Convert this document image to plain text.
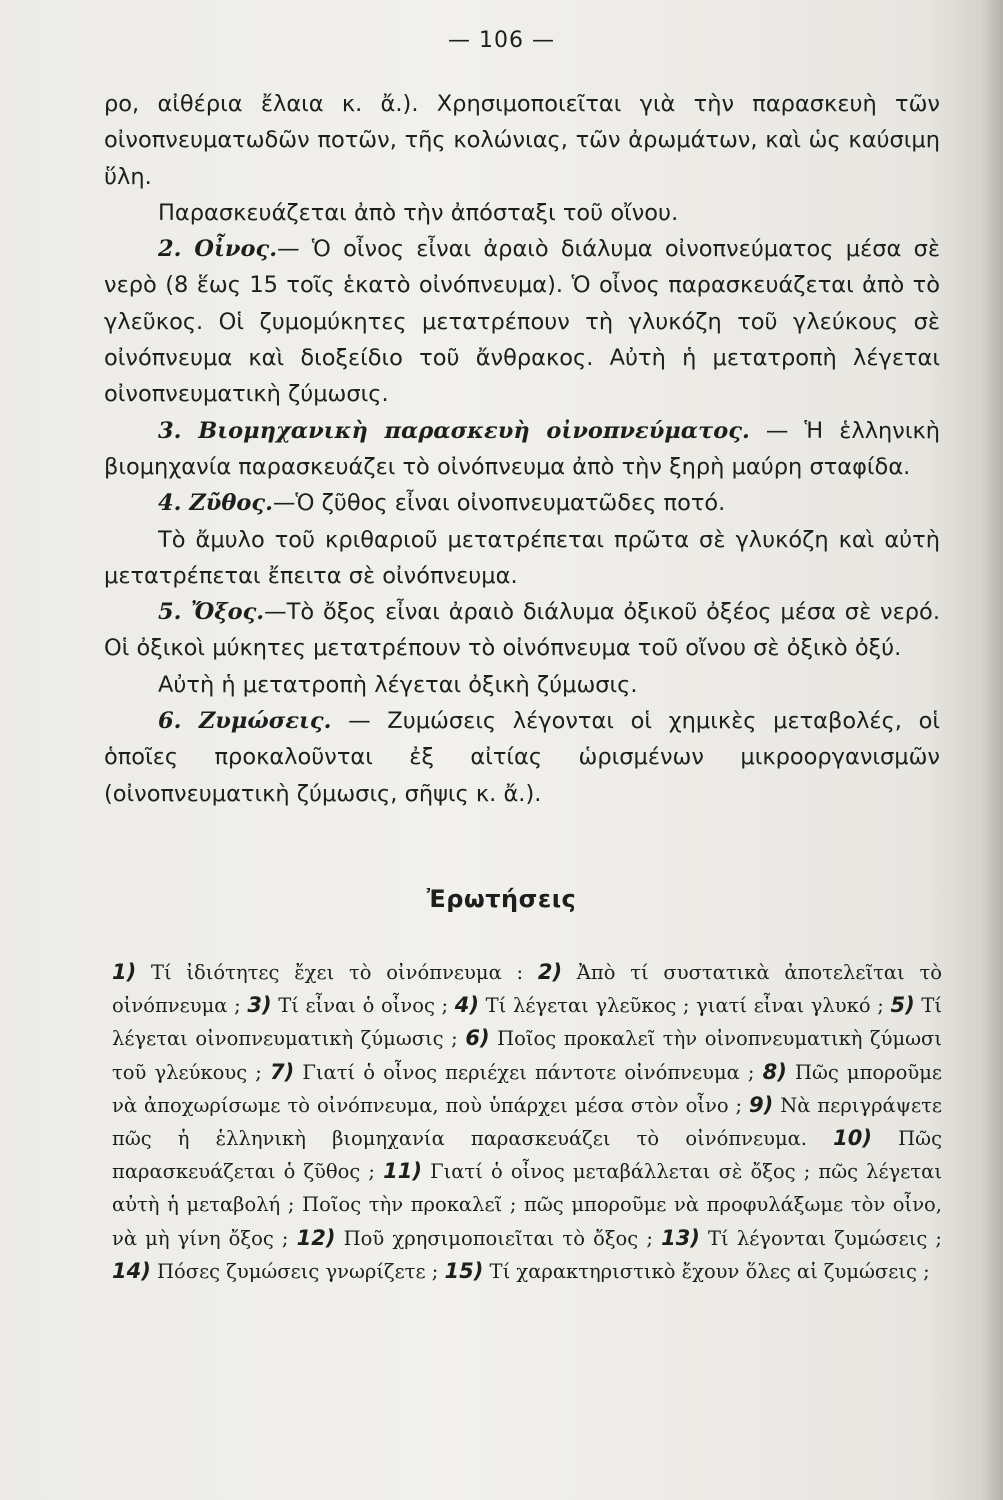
— 106 —

ρο, αἰθέρια ἔλαια κ. ἄ.). Χρησιμοποιεῖται γιὰ τὴν παρασκευὴ τῶν οἰνοπνευματωδῶν ποτῶν, τῆς κολώνιας, τῶν ἀρωμάτων, καὶ ὡς καύσιμη ὕλη.

Παρασκευάζεται ἀπὸ τὴν ἀπόσταξι τοῦ οἴνου.

2. Οἶνος.— Ὁ οἶνος εἶναι ἀραιὸ διάλυμα οἰνοπνεύματος μέσα σὲ νερὸ (8 ἕως 15 τοῖς ἑκατὸ οἰνόπνευμα). Ὁ οἶνος παρασκευάζεται ἀπὸ τὸ γλεῦκος. Οἱ ζυμομύκητες μετατρέπουν τὴ γλυκόζη τοῦ γλεύκους σὲ οἰνόπνευμα καὶ διοξείδιο τοῦ ἄνθρακος. Αὐτὴ ἡ μετατροπὴ λέγεται οἰνοπνευματικὴ ζύμωσις.

3. Βιομηχανικὴ παρασκευὴ οἰνοπνεύματος. — Ἡ ἑλληνικὴ βιομηχανία παρασκευάζει τὸ οἰνόπνευμα ἀπὸ τὴν ξηρὴ μαύρη σταφίδα.

4. Ζῦθος.—Ὁ ζῦθος εἶναι οἰνοπνευματῶδες ποτό.

Τὸ ἄμυλο τοῦ κριθαριοῦ μετατρέπεται πρῶτα σὲ γλυκόζη καὶ αὐτὴ μετατρέπεται ἔπειτα σὲ οἰνόπνευμα.

5. Ὄξος.—Τὸ ὄξος εἶναι ἀραιὸ διάλυμα ὀξικοῦ ὀξέος μέσα σὲ νερό. Οἱ ὀξικοὶ μύκητες μετατρέπουν τὸ οἰνόπνευμα τοῦ οἴνου σὲ ὀξικὸ ὀξύ.

Αὐτὴ ἡ μετατροπὴ λέγεται ὀξικὴ ζύμωσις.

6. Ζυμώσεις. — Ζυμώσεις λέγονται οἱ χημικὲς μεταβολές, οἱ ὁποῖες προκαλοῦνται ἐξ αἰτίας ὡρισμένων μικροοργανισμῶν (οἰνοπνευματικὴ ζύμωσις, σῆψις κ. ἄ.).

Ἐρωτήσεις

1) Τί ἰδιότητες ἔχει τὸ οἰνόπνευμα : 2) Ἀπὸ τί συστατικὰ ἀποτελεῖται τὸ οἰνόπνευμα ; 3) Τί εἶναι ὁ οἶνος ; 4) Τί λέγεται γλεῦκος ; γιατί εἶναι γλυκό ; 5) Τί λέγεται οἰνοπνευματικὴ ζύμωσις ; 6) Ποῖος προκαλεῖ τὴν οἰνοπνευματικὴ ζύμωσι τοῦ γλεύκους ; 7) Γιατί ὁ οἶνος περιέχει πάντοτε οἰνόπνευμα ; 8) Πῶς μποροῦμε νὰ ἀποχωρίσωμε τὸ οἰνόπνευμα, ποὺ ὑπάρχει μέσα στὸν οἶνο ; 9) Νὰ περιγράψετε πῶς ἡ ἑλληνικὴ βιομηχανία παρασκευάζει τὸ οἰνόπνευμα. 10) Πῶς παρασκευάζεται ὁ ζῦθος ; 11) Γιατί ὁ οἶνος μεταβάλλεται σὲ ὄξος ; πῶς λέγεται αὐτὴ ἡ μεταβολή ; Ποῖος τὴν προκαλεῖ ; πῶς μποροῦμε νὰ προφυλάξωμε τὸν οἶνο, νὰ μὴ γίνη ὄξος ; 12) Ποῦ χρησιμοποιεῖται τὸ ὄξος ; 13) Τί λέγονται ζυμώσεις ; 14) Πόσες ζυμώσεις γνωρίζετε ; 15) Τί χαρακτηριστικὸ ἔχουν ὅλες αἱ ζυμώσεις ;
